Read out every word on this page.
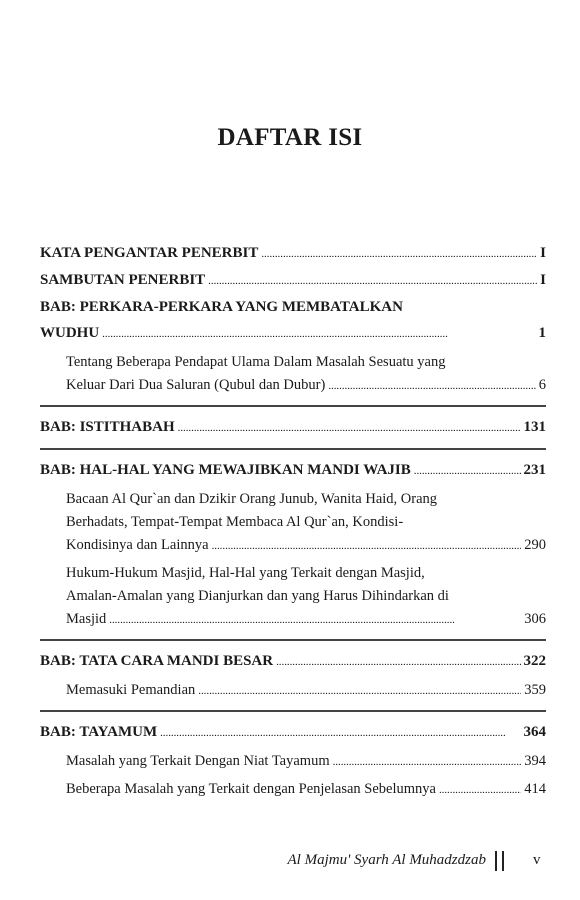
DAFTAR ISI
KATA PENGANTAR PENERBIT . . .	I
SAMBUTAN PENERBIT . . .	I
BAB: PERKARA-PERKARA YANG MEMBATALKAN
WUDHU . . .	1
Tentang Beberapa Pendapat Ulama Dalam Masalah Sesuatu yang
Keluar Dari Dua Saluran (Qubul dan Dubur) . . .	6
BAB: ISTITHABAH . . .	131
BAB: HAL-HAL YANG MEWAJIBKAN MANDI WAJIB . . .	231
Bacaan Al Qur`an dan Dzikir Orang Junub, Wanita Haid, Orang
Berhadats, Tempat-Tempat Membaca Al Qur`an, Kondisi-
Kondisinya dan Lainnya . . .	290
Hukum-Hukum Masjid, Hal-Hal yang Terkait dengan Masjid,
Amalan-Amalan yang Dianjurkan dan yang Harus Dihindarkan di
Masjid . . .	306
BAB: TATA CARA MANDI BESAR . . .	322
Memasuki Pemandian . . .	359
BAB: TAYAMUM . . .	364
Masalah yang Terkait Dengan Niat Tayamum . . .	394
Beberapa Masalah yang Terkait dengan Penjelasan Sebelumnya . . .	414
Al Majmu' Syarh Al Muhadzdzab	v
